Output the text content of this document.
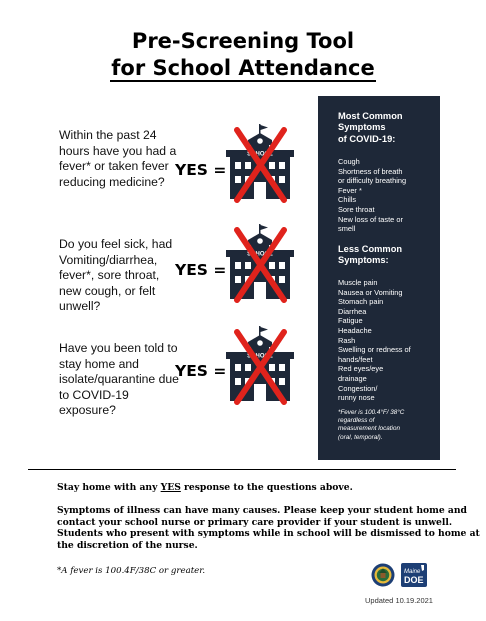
Pre-Screening Tool
for School Attendance
Within the past 24 hours have you had a fever* or taken fever reducing medicine?
YES =
Do you feel sick, had Vomiting/diarrhea, fever*, sore throat, new cough, or felt unwell?
YES =
Have you been told to stay home and isolate/quarantine due to COVID-19 exposure?
YES =
SCHOOL
SCHOOL
SCHOOL
Most Common
Symptoms
of COVID-19:
Cough
Shortness of breath
or difficulty breathing
Fever *
Chills
Sore throat
New loss of taste or
smell
Less Common
Symptoms:
Muscle pain
Nausea or Vomiting
Stomach pain
Diarrhea
Fatigue
Headache
Rash
Swelling or redness of
hands/feet
Red eyes/eye
drainage
Congestion/
runny nose
*Fever is 100.4°F/ 38°C
regardless of
measurement location
(oral, temporal).
Stay home with any YES response to the questions above.
Symptoms of illness can have many causes. Please keep your student home and
contact your school nurse or primary care provider if your student is unwell.
Students who present with symptoms while in school will be dismissed to home at
the discretion of the nurse.
*A fever is 100.4F/38C or greater.	Maine
DOE
Updated 10.19.2021
